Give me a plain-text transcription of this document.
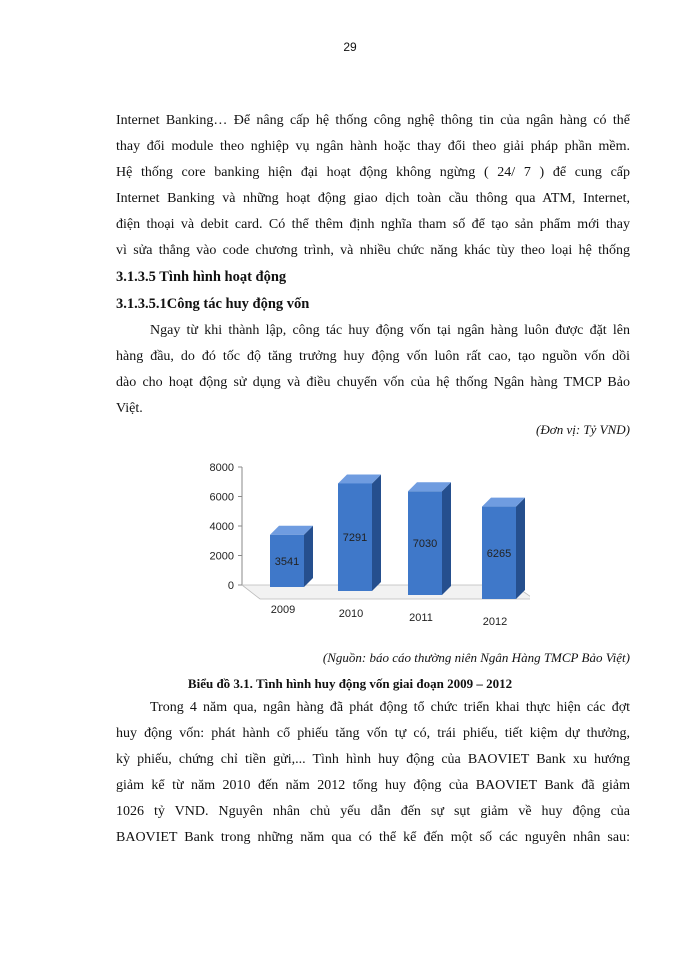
29
Internet Banking… Để nâng cấp hệ thống công nghệ thông tin của ngân hàng có thể
thay đổi module theo nghiệp vụ ngân hành hoặc thay đổi theo giải pháp phần mềm.
Hệ thống core banking hiện đại hoạt động không ngừng ( 24/ 7 ) để cung cấp
Internet Banking và những hoạt động giao dịch toàn cầu thông qua ATM, Internet,
điện thoại và debit card. Có thể thêm định nghĩa tham số để tạo sản phẩm mới thay
vì sửa thẳng vào code chương trình, và nhiều chức năng khác tùy theo loại hệ thống
3.1.3.5 Tình hình hoạt động
3.1.3.5.1Công tác huy động vốn
Ngay từ khi thành lập, công tác huy động vốn tại ngân hàng luôn được đặt lên
hàng đầu, do đó tốc độ tăng trưởng huy động vốn luôn rất cao, tạo nguồn vốn dồi
dào cho hoạt động sử dụng và điều chuyển vốn của hệ thống Ngân hàng TMCP Bảo
Việt.
(Đơn vị: Tỷ VND)
0
2000
4000
6000
8000
3541
2009
7291
2010
7030
2011
6265
2012
(Nguồn: báo cáo thường niên Ngân Hàng TMCP Bảo Việt)
Biểu đồ 3.1. Tình hình huy động vốn giai đoạn 2009 – 2012
Trong 4 năm qua, ngân hàng đã phát động tổ chức triển khai thực hiện các đợt
huy động vốn: phát hành cổ phiếu tăng vốn tự có, trái phiếu, tiết kiệm dự thưởng,
kỳ phiếu, chứng chỉ tiền gửi,... Tình hình huy động của BAOVIET Bank xu hướng
giảm kể từ năm 2010 đến năm 2012 tổng huy động của BAOVIET Bank đã giảm
1026 tỷ VND. Nguyên nhân chủ yếu dẫn đến sự sụt giảm về huy động của
BAOVIET Bank trong những năm qua có thể kể đến một số các nguyên nhân sau:
